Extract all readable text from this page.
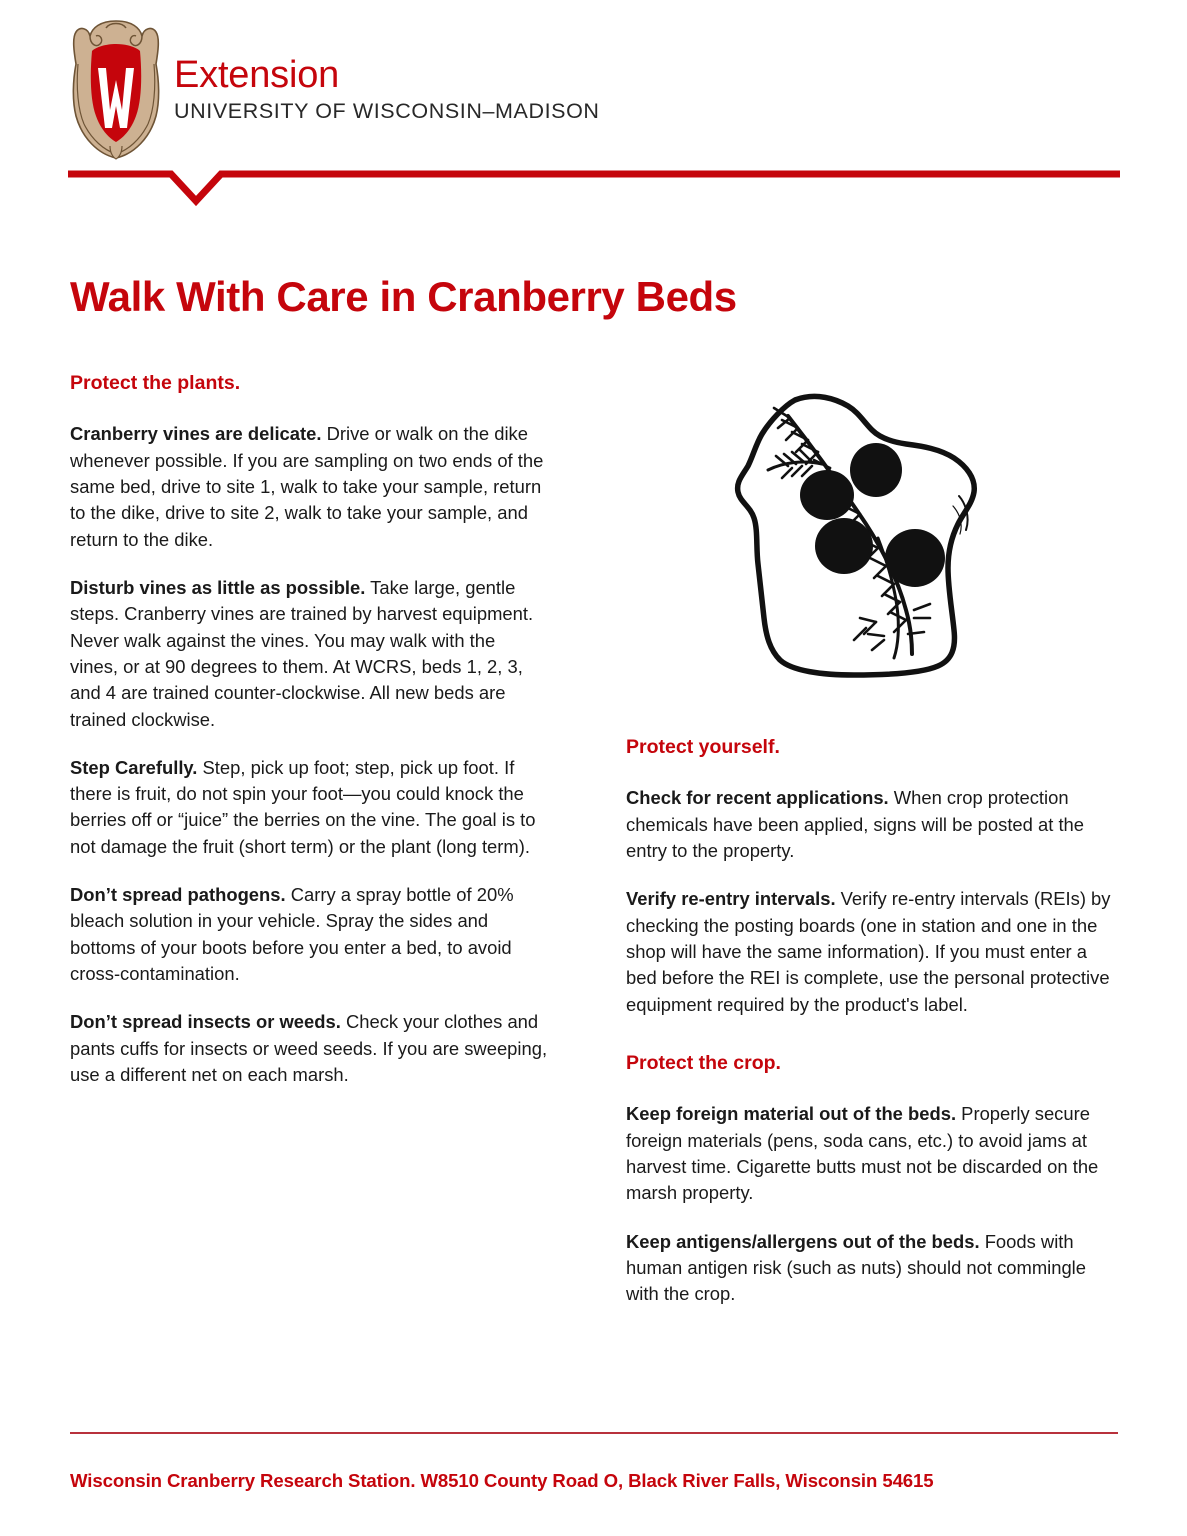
Extension
UNIVERSITY OF WISCONSIN–MADISON
Walk With Care in Cranberry Beds
Protect the plants.

Cranberry vines are delicate. Drive or walk on the dike whenever possible. If you are sampling on two ends of the same bed, drive to site 1, walk to take your sample, return to the dike, drive to site 2, walk to take your sample, and return to the dike.

Disturb vines as little as possible. Take large, gentle steps. Cranberry vines are trained by harvest equipment. Never walk against the vines. You may walk with the vines, or at 90 degrees to them. At WCRS, beds 1, 2, 3, and 4 are trained counter-clockwise. All new beds are trained clockwise.

Step Carefully. Step, pick up foot; step, pick up foot. If there is fruit, do not spin your foot—you could knock the berries off or “juice” the berries on the vine. The goal is to not damage the fruit (short term) or the plant (long term).

Don’t spread pathogens. Carry a spray bottle of 20% bleach solution in your vehicle. Spray the sides and bottoms of your boots before you enter a bed, to avoid cross-contamination.

Don’t spread insects or weeds. Check your clothes and pants cuffs for insects or weed seeds. If you are sweeping, use a different net on each marsh.

Protect yourself.

Check for recent applications. When crop protection chemicals have been applied, signs will be posted at the entry to the property.

Verify re-entry intervals. Verify re-entry intervals (REIs) by checking the posting boards (one in station and one in the shop will have the same information). If you must enter a bed before the REI is complete, use the personal protective equipment required by the product's label.

Protect the crop.

Keep foreign material out of the beds. Properly secure foreign materials (pens, soda cans, etc.) to avoid jams at harvest time. Cigarette butts must not be discarded on the marsh property.

Keep antigens/allergens out of the beds. Foods with human antigen risk (such as nuts) should not commingle with the crop.

Wisconsin Cranberry Research Station. W8510 County Road O, Black River Falls, Wisconsin 54615
